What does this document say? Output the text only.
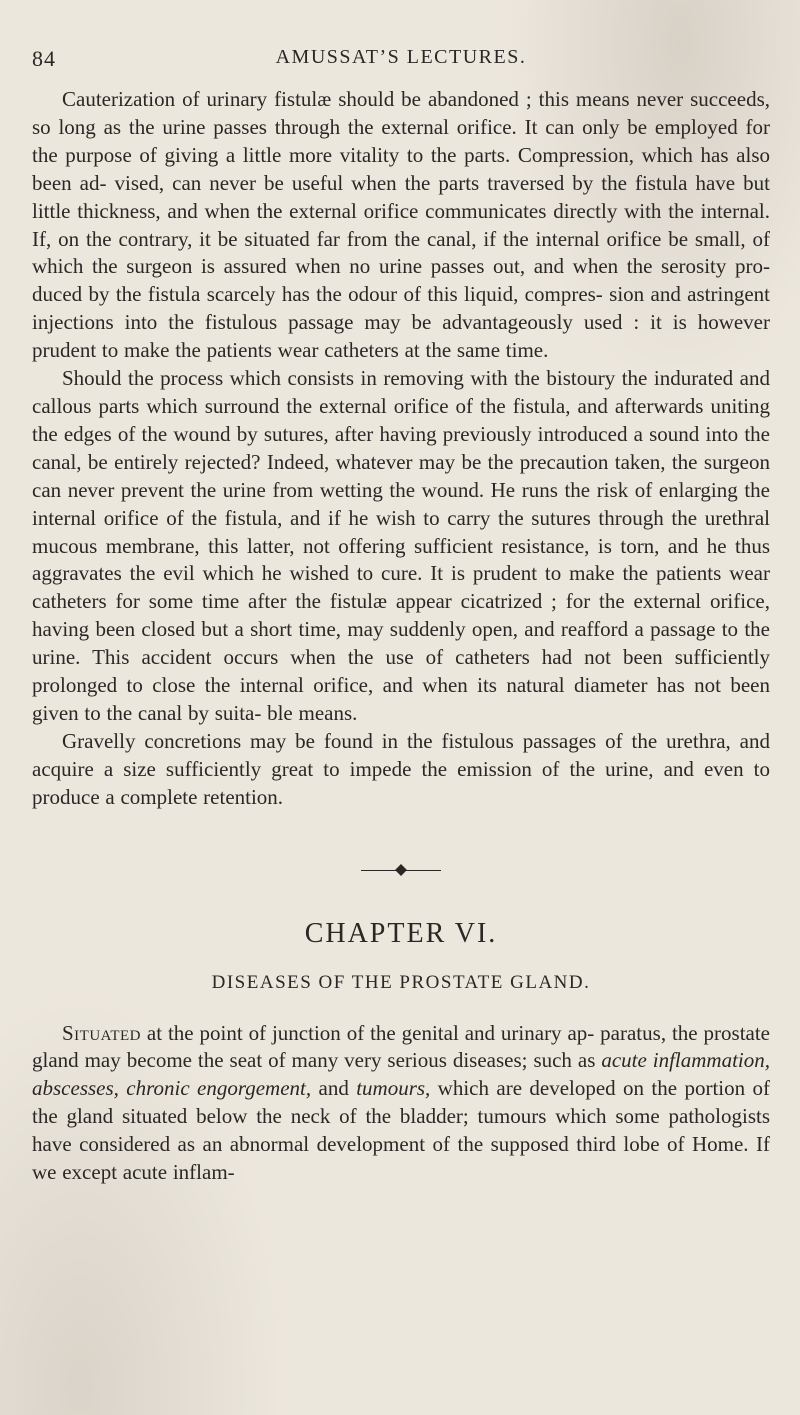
84	AMUSSAT’S LECTURES.

Cauterization of urinary fistulæ should be abandoned ; this means never succeeds, so long as the urine passes through the external orifice. It can only be employed for the purpose of giving a little more vitality to the parts. Compression, which has also been ad- vised, can never be useful when the parts traversed by the fistula have but little thickness, and when the external orifice communicates directly with the internal. If, on the contrary, it be situated far from the canal, if the internal orifice be small, of which the surgeon is assured when no urine passes out, and when the serosity pro- duced by the fistula scarcely has the odour of this liquid, compres- sion and astringent injections into the fistulous passage may be advantageously used : it is however prudent to make the patients wear catheters at the same time.

Should the process which consists in removing with the bistoury the indurated and callous parts which surround the external orifice of the fistula, and afterwards uniting the edges of the wound by sutures, after having previously introduced a sound into the canal, be entirely rejected? Indeed, whatever may be the precaution taken, the surgeon can never prevent the urine from wetting the wound. He runs the risk of enlarging the internal orifice of the fistula, and if he wish to carry the sutures through the urethral mucous membrane, this latter, not offering sufficient resistance, is torn, and he thus aggravates the evil which he wished to cure. It is prudent to make the patients wear catheters for some time after the fistulæ appear cicatrized ; for the external orifice, having been closed but a short time, may suddenly open, and reafford a passage to the urine. This accident occurs when the use of catheters had not been sufficiently prolonged to close the internal orifice, and when its natural diameter has not been given to the canal by suita- ble means.

Gravelly concretions may be found in the fistulous passages of the urethra, and acquire a size sufficiently great to impede the emission of the urine, and even to produce a complete retention.

CHAPTER VI.
DISEASES OF THE PROSTATE GLAND.

Situated at the point of junction of the genital and urinary ap- paratus, the prostate gland may become the seat of many very serious diseases; such as acute inflammation, abscesses, chronic engorgement, and tumours, which are developed on the portion of the gland situated below the neck of the bladder; tumours which some pathologists have considered as an abnormal development of the supposed third lobe of Home. If we except acute inflam-
